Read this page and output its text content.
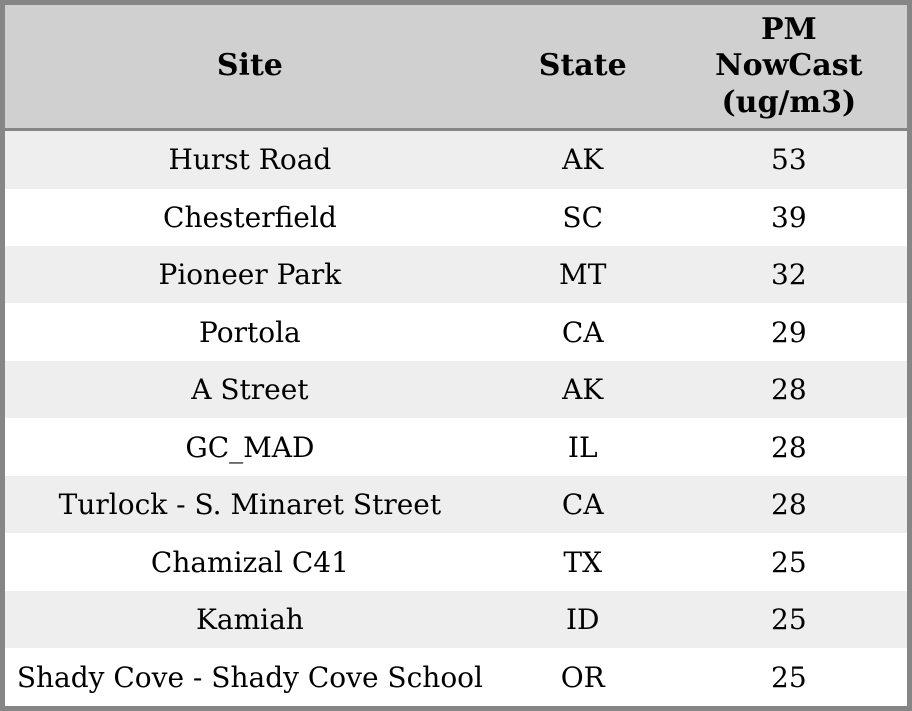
Site	State	PM NowCast (ug/m3)
Hurst Road	AK	53
Chesterfield	SC	39
Pioneer Park	MT	32
Portola	CA	29
A Street	AK	28
GC_MAD	IL	28
Turlock - S. Minaret Street	CA	28
Chamizal C41	TX	25
Kamiah	ID	25
Shady Cove - Shady Cove School	OR	25
